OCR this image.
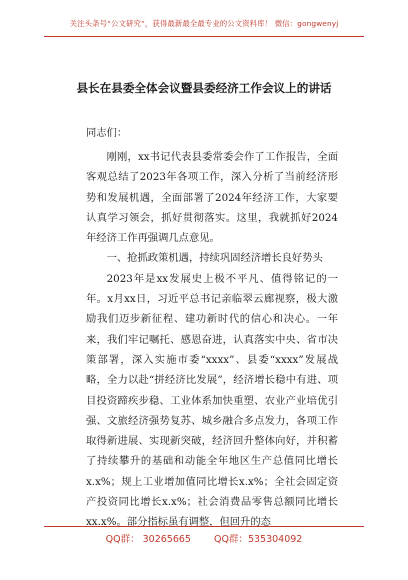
关注头条号“公文研究”，获得最新最全最专业的公文资料库！ 微信：gongwenyj
县长在县委全体会议暨县委经济工作会议上的讲话
同志们：

刚刚，xx书记代表县委常委会作了工作报告，全面客观总结了2023年各项工作，深入分析了当前经济形势和发展机遇，全面部署了2024年经济工作，大家要认真学习领会，抓好贯彻落实。这里，我就抓好2024年经济工作再强调几点意见。

一、抢抓政策机遇，持续巩固经济增长良好势头

2023年是xx发展史上极不平凡、值得铭记的一年。x月xx日，习近平总书记亲临翠云廊视察，极大激励我们迈步新征程、建功新时代的信心和决心。一年来，我们牢记嘱托、感恩奋进，认真落实中央、省市决策部署，深入实施市委“xxxx”、县委“xxxx”发展战略，全力以赴“拼经济比发展”，经济增长稳中有进、项目投资蹄疾步稳、工业体系加快重塑、农业产业培优引强、文旅经济强势复苏、城乡融合多点发力，各项工作取得新进展、实现新突破，经济回升整体向好，并积蓄了持续攀升的基础和动能全年地区生产总值同比增长x.x%；规上工业增加值同比增长x.x%；全社会固定资产投资同比增长x.x%；社会消费品零售总额同比增长xx.x%。部分指标虽有调整，但回升的态

QQ群： 30265665 QQ群：535304092
